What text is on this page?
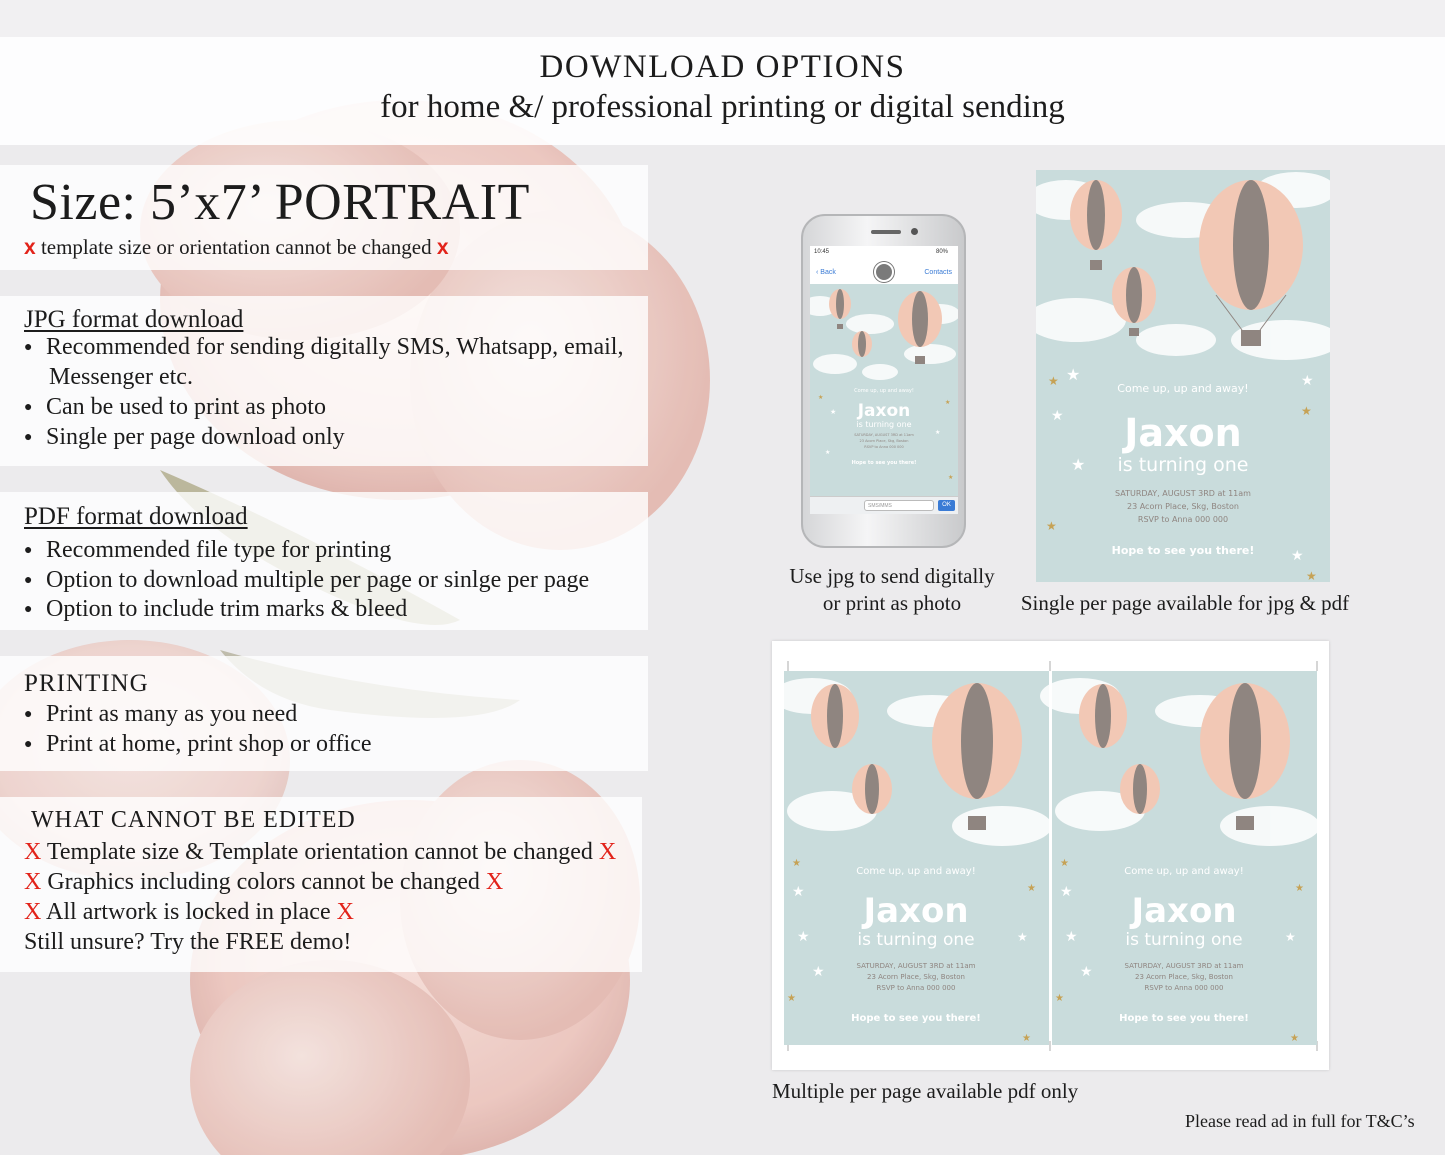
DOWNLOAD OPTIONS
for home &/ professional printing or digital sending
Size: 5’x7’ PORTRAIT
x template size or orientation cannot be changed x
JPG format download
● Recommended for sending digitally SMS, Whatsapp, email,
Messenger etc.
● Can be used to print as photo
● Single per page download only
PDF format download
● Recommended file type for printing
● Option to download multiple per page or sinlge per page
● Option to include trim marks & bleed
PRINTING
● Print as many as you need
● Print at home, print shop or office
WHAT CANNOT BE EDITED
X Template size & Template orientation cannot be changed X
X Graphics including colors cannot be changed X
X All artwork is locked in place X
Still unsure? Try the FREE demo!
10:45	80%
‹ Back	Contacts
Come up, up and away!
Jaxon
is turning one
SATURDAY, AUGUST 3RD at 11am
23 Acorn Place, Skg, Boston
RSVP to Anna 000 000
Hope to see you there!
★
★
★
★
★
★
SMS/MMS	OK
Use jpg to send digitally
or print as photo
Come up, up and away!
Jaxon
is turning one
SATURDAY, AUGUST 3RD at 11am
23 Acorn Place, Skg, Boston
RSVP to Anna 000 000
Hope to see you there!
★
★
★
★
★
★
★
★
★
Single per page available for jpg & pdf
Come up, up and away!
Jaxon
is turning one
SATURDAY, AUGUST 3RD at 11am
23 Acorn Place, Skg, Boston
RSVP to Anna 000 000
Hope to see you there!
★
★
★
★
★
★
★
★
Come up, up and away!
Jaxon
is turning one
SATURDAY, AUGUST 3RD at 11am
23 Acorn Place, Skg, Boston
RSVP to Anna 000 000
Hope to see you there!
★
★
★
★
★
★
★
★
Multiple per page available pdf only
Please read ad in full for T&C’s
